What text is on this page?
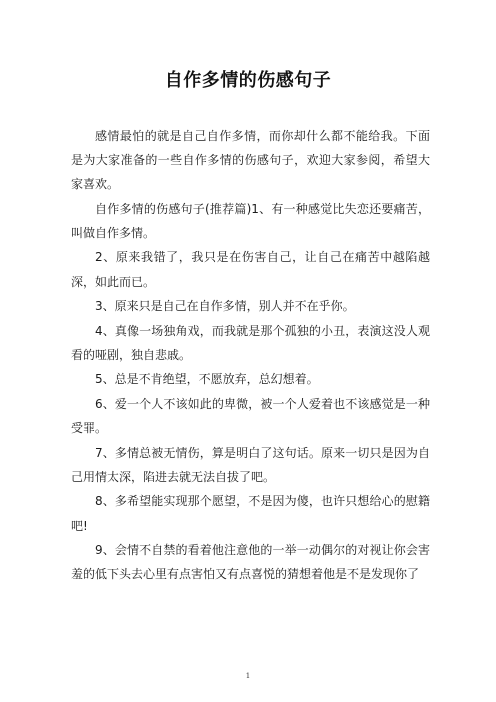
自作多情的伤感句子

感情最怕的就是自己自作多情，而你却什么都不能给我。下面是为大家准备的一些自作多情的伤感句子，欢迎大家参阅，希望大家喜欢。

自作多情的伤感句子(推荐篇)1、有一种感觉比失恋还要痛苦，叫做自作多情。

2、原来我错了，我只是在伤害自己，让自己在痛苦中越陷越深，如此而已。

3、原来只是自己在自作多情，别人并不在乎你。

4、真像一场独角戏，而我就是那个孤独的小丑，表演这没人观看的哑剧，独自悲戚。

5、总是不肯绝望，不愿放弃，总幻想着。

6、爱一个人不该如此的卑微，被一个人爱着也不该感觉是一种受罪。

7、多情总被无情伤，算是明白了这句话。原来一切只是因为自己用情太深，陷进去就无法自拔了吧。

8、多希望能实现那个愿望，不是因为傻，也许只想给心的慰籍吧!

9、会情不自禁的看着他注意他的一举一动偶尔的对视让你会害羞的低下头去心里有点害怕又有点喜悦的猜想着他是不是发现你了

1
